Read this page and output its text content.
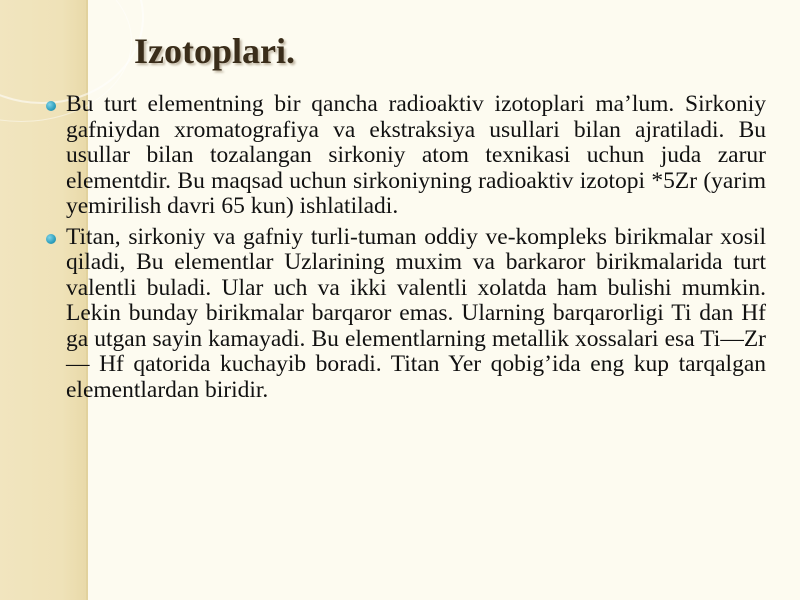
Izotoplari.
Bu turt elementning bir qancha radioaktiv izotoplari ma’lum. Sirkoniy gafniydan xromatografiya va ekstraksiya usullari bilan ajratiladi. Bu usullar bilan tozalangan sirkoniy atom texnikasi uchun juda zarur elementdir. Bu maqsad uchun sirkoniyning radioaktiv izotopi *5Zr (yarim yemirilish davri 65 kun) ishlatiladi.
Titan, sirkoniy va gafniy turli-tuman oddiy ve-kompleks birikmalar xosil qiladi, Bu elementlar Uzlarining muxim va barkaror birikmalarida turt valentli buladi. Ular uch va ikki valentli xolatda ham bulishi mumkin. Lekin bunday birikmalar barqaror emas. Ularning barqarorligi Ti dan Hf ga utgan sayin kamayadi. Bu elementlarning metallik xossalari esa Ti—Zr— Hf qatorida kuchayib boradi. Titan Yer qobig’ida eng kup tarqalgan elementlardan biridir.
